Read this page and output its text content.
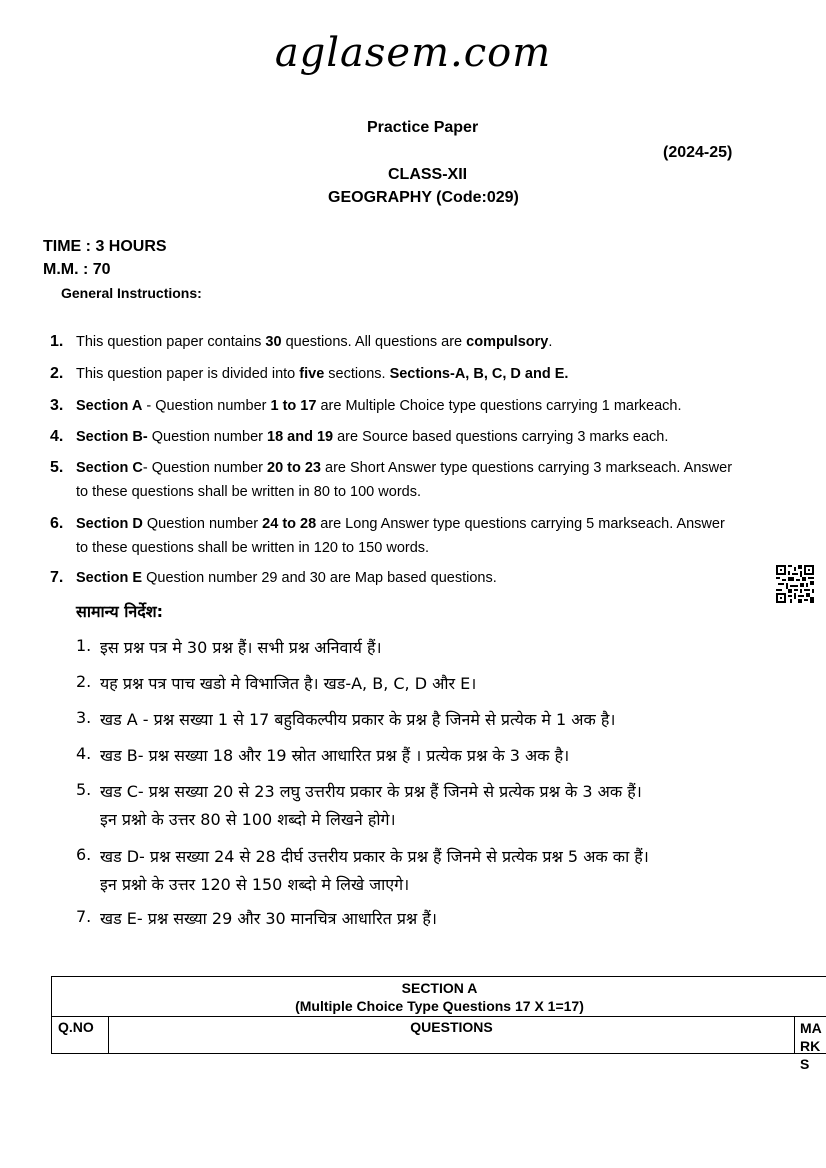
aglasem.com
Practice Paper
(2024-25)
CLASS-XII
GEOGRAPHY (Code:029)
TIME : 3 HOURS
M.M. : 70
General Instructions:
1. This question paper contains 30 questions. All questions are compulsory.
2. This question paper is divided into five sections. Sections-A, B, C, D and E.
3. Section A - Question number 1 to 17 are Multiple Choice type questions carrying 1 markeach.
4. Section B- Question number 18 and 19 are Source based questions carrying 3 marks each.
5. Section C- Question number 20 to 23 are Short Answer type questions carrying 3 markseach. Answer
to these questions shall be written in 80 to 100 words.
6. Section D Question number 24 to 28 are Long Answer type questions carrying 5 markseach. Answer
to these questions shall be written in 120 to 150 words.
7. Section E Question number 29 and 30 are Map based questions.
सामान्य निर्देश:
1. इस प्रश्न पत्र मे 30 प्रश्न हैं। सभी प्रश्न अनिवार्य हैं।
2. यह प्रश्न पत्र पाच खडो मे विभाजित है। खड-A, B, C, D और E।
3. खड A - प्रश्न सख्या 1 से 17 बहुविकल्पीय प्रकार के प्रश्न है जिनमे से प्रत्येक मे 1 अक है।
4. खड B- प्रश्न सख्या 18 और 19 स्रोत आधारित प्रश्न हैं । प्रत्येक प्रश्न के 3 अक है।
5. खड C- प्रश्न सख्या 20 से 23 लघु उत्तरीय प्रकार के प्रश्न हैं जिनमे से प्रत्येक प्रश्न के 3 अक हैं।
इन प्रश्नो के उत्तर 80 से 100 शब्दो मे लिखने होगे।
6. खड D- प्रश्न सख्या 24 से 28 दीर्घ उत्तरीय प्रकार के प्रश्न हैं जिनमे से प्रत्येक प्रश्न 5 अक का हैं।
इन प्रश्नो के उत्तर 120 से 150 शब्दो मे लिखे जाएगे।
7. खड E- प्रश्न सख्या 29 और 30 मानचित्र आधारित प्रश्न हैं।
SECTION A
(Multiple Choice Type Questions 17 X 1=17)
Q.NO	QUESTIONS	MARKS
